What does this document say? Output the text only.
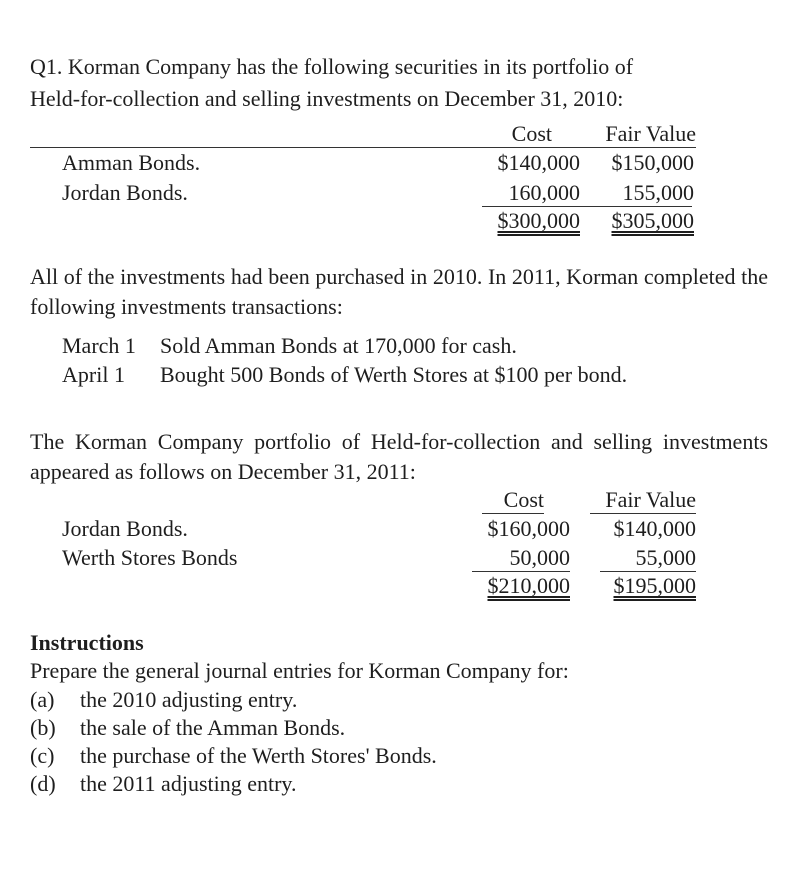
Q1. Korman Company has the following securities in its portfolio of
Held-for-collection and selling investments on December 31, 2010:
Cost	Fair Value
Amman Bonds.	$140,000	$150,000
Jordan Bonds.	160,000	155,000
$300,000	$305,000
All of the investments had been purchased in 2010. In 2011, Korman completed the following investments transactions:
March 1 Sold Amman Bonds at 170,000 for cash.
April 1 Bought 500 Bonds of Werth Stores at $100 per bond.
The Korman Company portfolio of Held-for-collection and selling investments appeared as follows on December 31, 2011:
Cost	Fair Value
Jordan Bonds.	$160,000	$140,000
Werth Stores Bonds	50,000	55,000
$210,000	$195,000
Instructions
Prepare the general journal entries for Korman Company for:
(a) the 2010 adjusting entry.
(b) the sale of the Amman Bonds.
(c) the purchase of the Werth Stores' Bonds.
(d) the 2011 adjusting entry.
